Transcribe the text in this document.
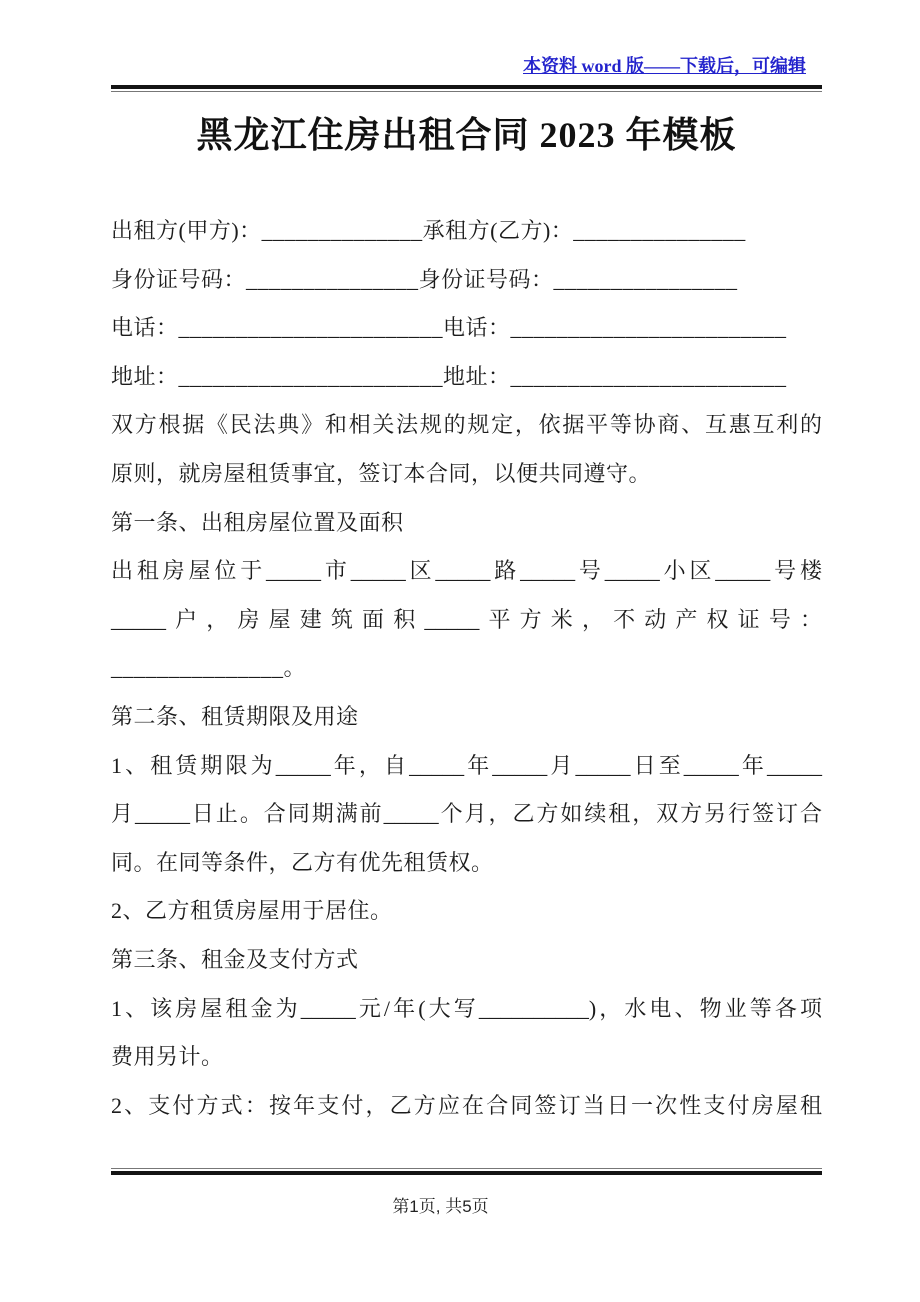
本资料 word 版——下载后，可编辑
黑龙江住房出租合同 2023 年模板

出租方(甲方)：______________承租方(乙方)：_______________

身份证号码：_______________身份证号码：________________

电话：_______________________电话：________________________

地址：_______________________地址：________________________

双方根据《民法典》和相关法规的规定，依据平等协商、互惠互利的

原则，就房屋租赁事宜，签订本合同，以便共同遵守。

第一条、出租房屋位置及面积

出租房屋位于_____市_____区_____路_____号_____小区_____号楼

_____户，房屋建筑面积_____平方米，不动产权证号：

_______________。

第二条、租赁期限及用途

1、租赁期限为_____年，自_____年_____月_____日至_____年_____

月_____日止。合同期满前_____个月，乙方如续租，双方另行签订合

同。在同等条件，乙方有优先租赁权。

2、乙方租赁房屋用于居住。

第三条、租金及支付方式

1、该房屋租金为_____元/年(大写__________)，水电、物业等各项

费用另计。

2、支付方式：按年支付，乙方应在合同签订当日一次性支付房屋租

第1页, 共5页
